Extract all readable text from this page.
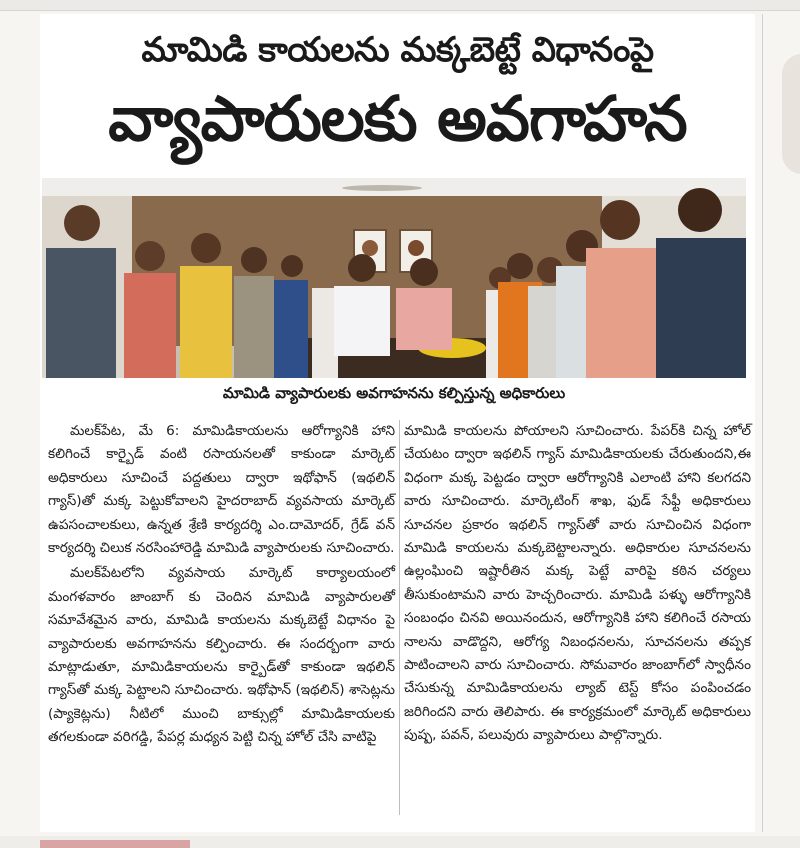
మామిడి కాయలను మక్కబెట్టే విధానంపై
వ్యాపారులకు అవగాహన
మామిడి వ్యాపారులకు అవగాహనను కల్పిస్తున్న అధికారులు

మలక్‌పేట, మే 6: మామిడికాయలను ఆరోగ్యానికి హాని కలిగించే కార్బైడ్ వంటి రసాయనలతో కాకుండా మార్కెట్ అధికారులు సూచించే పద్దతులు ద్వారా ఇథోఫాన్ (ఇథలిన్ గ్యాస్)తో మక్క పెట్టుకోవాలని హైదరాబాద్ వ్యవసాయ మార్కెట్ ఉపసంచాలకులు, ఉన్నత శ్రేణి కార్యదర్శి ఎం.దామోదర్, గ్రేడ్ వన్ కార్యదర్శి చిలుక నరసింహారెడ్డి మామిడి వ్యాపారులకు సూచించారు.

మలక్‌పేటలోని వ్యవసాయ మార్కెట్ కార్యాలయంలో మంగళవారం జాంబాగ్ కు చెందిన మామిడి వ్యాపారులతో సమావేశమైన వారు, మామిడి కాయలను మక్కబెట్టే విధానం పై వ్యాపారులకు అవగాహనను కల్పించారు. ఈ సందర్బంగా వారు మాట్లాడుతూ, మామిడికాయలను కార్బైడ్‌తో కాకుండా ఇథలిన్ గ్యాస్‌తో మక్క పెట్టాలని సూచించారు. ఇథోఫాన్ (ఇథలిన్) శాసెట్లను (ప్యాకెట్లను) నీటిలో ముంచి బాక్సుల్లో మామిడికాయలకు తగలకుండా వరిగడ్డి, పేపర్ల మధ్యన పెట్టి చిన్న హోల్ చేసి వాటిపై

మామిడి కాయలను పోయాలని సూచించారు. పేపర్‌కి చిన్న హోల్ చేయటం ద్వారా ఇథలిన్ గ్యాస్ మామిడికాయలకు చేరుతుందని,ఈ విధంగా మక్క పెట్టడం ద్వారా ఆరోగ్యానికి ఎలాంటి హాని కలగదని వారు సూచించారు. మార్కెటింగ్ శాఖ, ఫుడ్ సేఫ్టీ అధికారులు సూచనల ప్రకారం ఇథలిన్ గ్యాస్‌తో వారు సూచించిన విధంగా మామిడి కాయలను మక్కబెట్టాలన్నారు. అధికారుల సూచనలను ఉల్లంఘించి ఇష్టారీతిన మక్క పెట్టే వారిపై కఠిన చర్యలు తీసుకుంటామని వారు హెచ్చరించారు. మామిడి పళ్ళు ఆరోగ్యానికి సంబంధం చినవి అయినందున, ఆరోగ్యానికి హాని కలిగించే రసాయ నాలను వాడొద్దని, ఆరోగ్య నిబంధనలను, సూచనలను తప్పక పాటించాలని వారు సూచించారు. సోమవారం జాంబాగ్‌లో స్వాధీనం చేసుకున్న మామిడికాయలను ల్యాబ్ టెస్ట్ కోసం పంపించడం జరిగిందని వారు తెలిపారు. ఈ కార్యక్రమంలో మార్కెట్ అధికారులు పుష్ప, పవన్, పలువురు వ్యాపారులు పాల్గొన్నారు.
